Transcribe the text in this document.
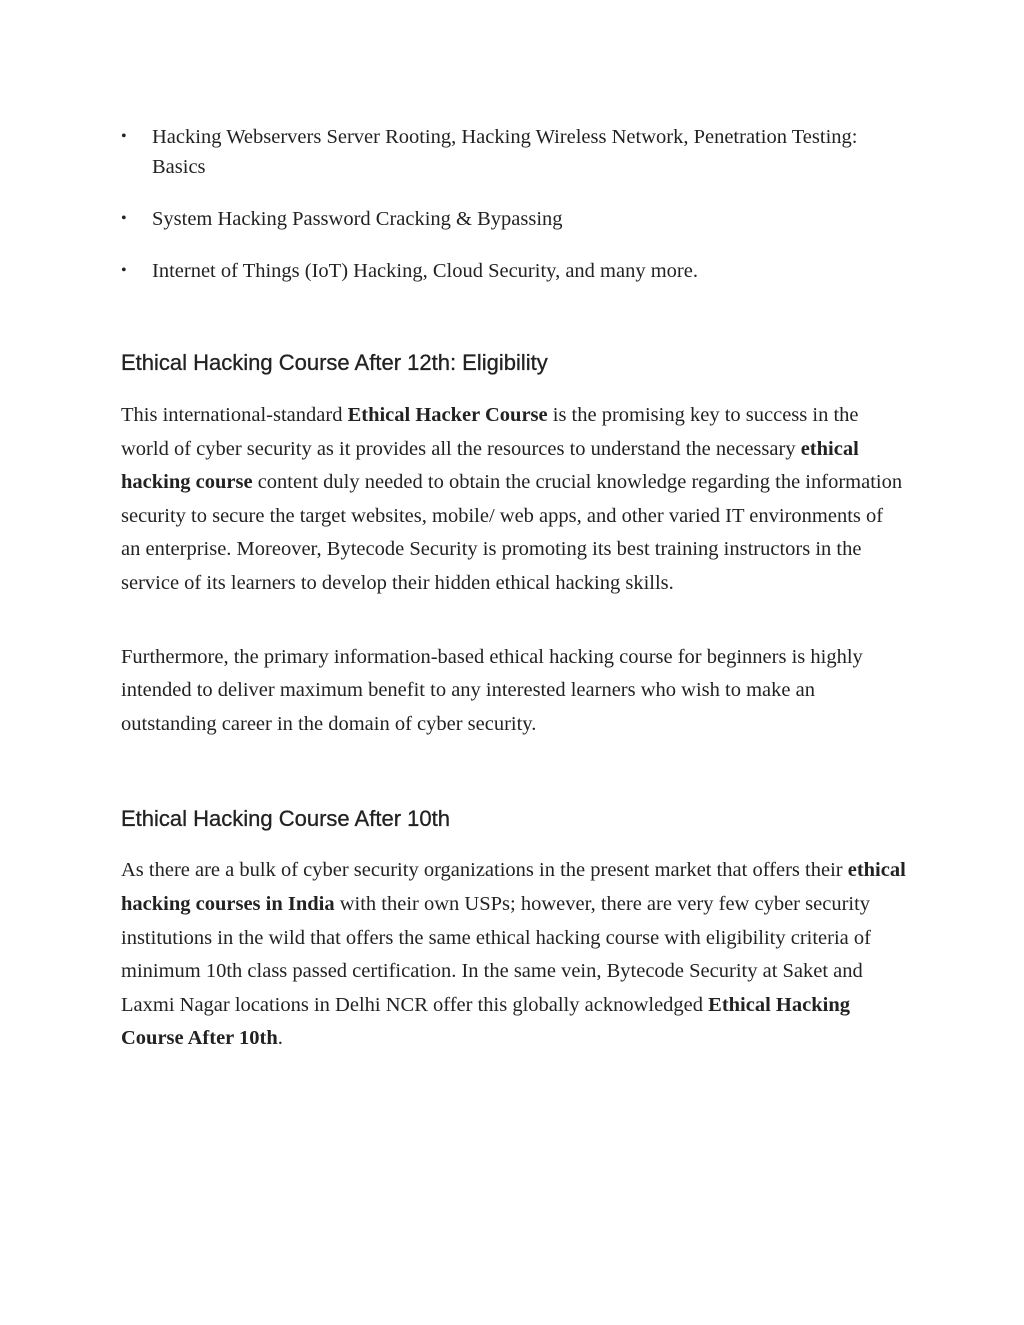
• Hacking Webservers Server Rooting, Hacking Wireless Network, Penetration Testing: Basics
• System Hacking Password Cracking & Bypassing
• Internet of Things (IoT) Hacking, Cloud Security, and many more.
Ethical Hacking Course After 12th: Eligibility

This international-standard Ethical Hacker Course is the promising key to success in the world of cyber security as it provides all the resources to understand the necessary ethical hacking course content duly needed to obtain the crucial knowledge regarding the information security to secure the target websites, mobile/ web apps, and other varied IT environments of an enterprise. Moreover, Bytecode Security is promoting its best training instructors in the service of its learners to develop their hidden ethical hacking skills.

Furthermore, the primary information-based ethical hacking course for beginners is highly intended to deliver maximum benefit to any interested learners who wish to make an outstanding career in the domain of cyber security.

Ethical Hacking Course After 10th

As there are a bulk of cyber security organizations in the present market that offers their ethical hacking courses in India with their own USPs; however, there are very few cyber security institutions in the wild that offers the same ethical hacking course with eligibility criteria of minimum 10th class passed certification. In the same vein, Bytecode Security at Saket and Laxmi Nagar locations in Delhi NCR offer this globally acknowledged Ethical Hacking Course After 10th.
